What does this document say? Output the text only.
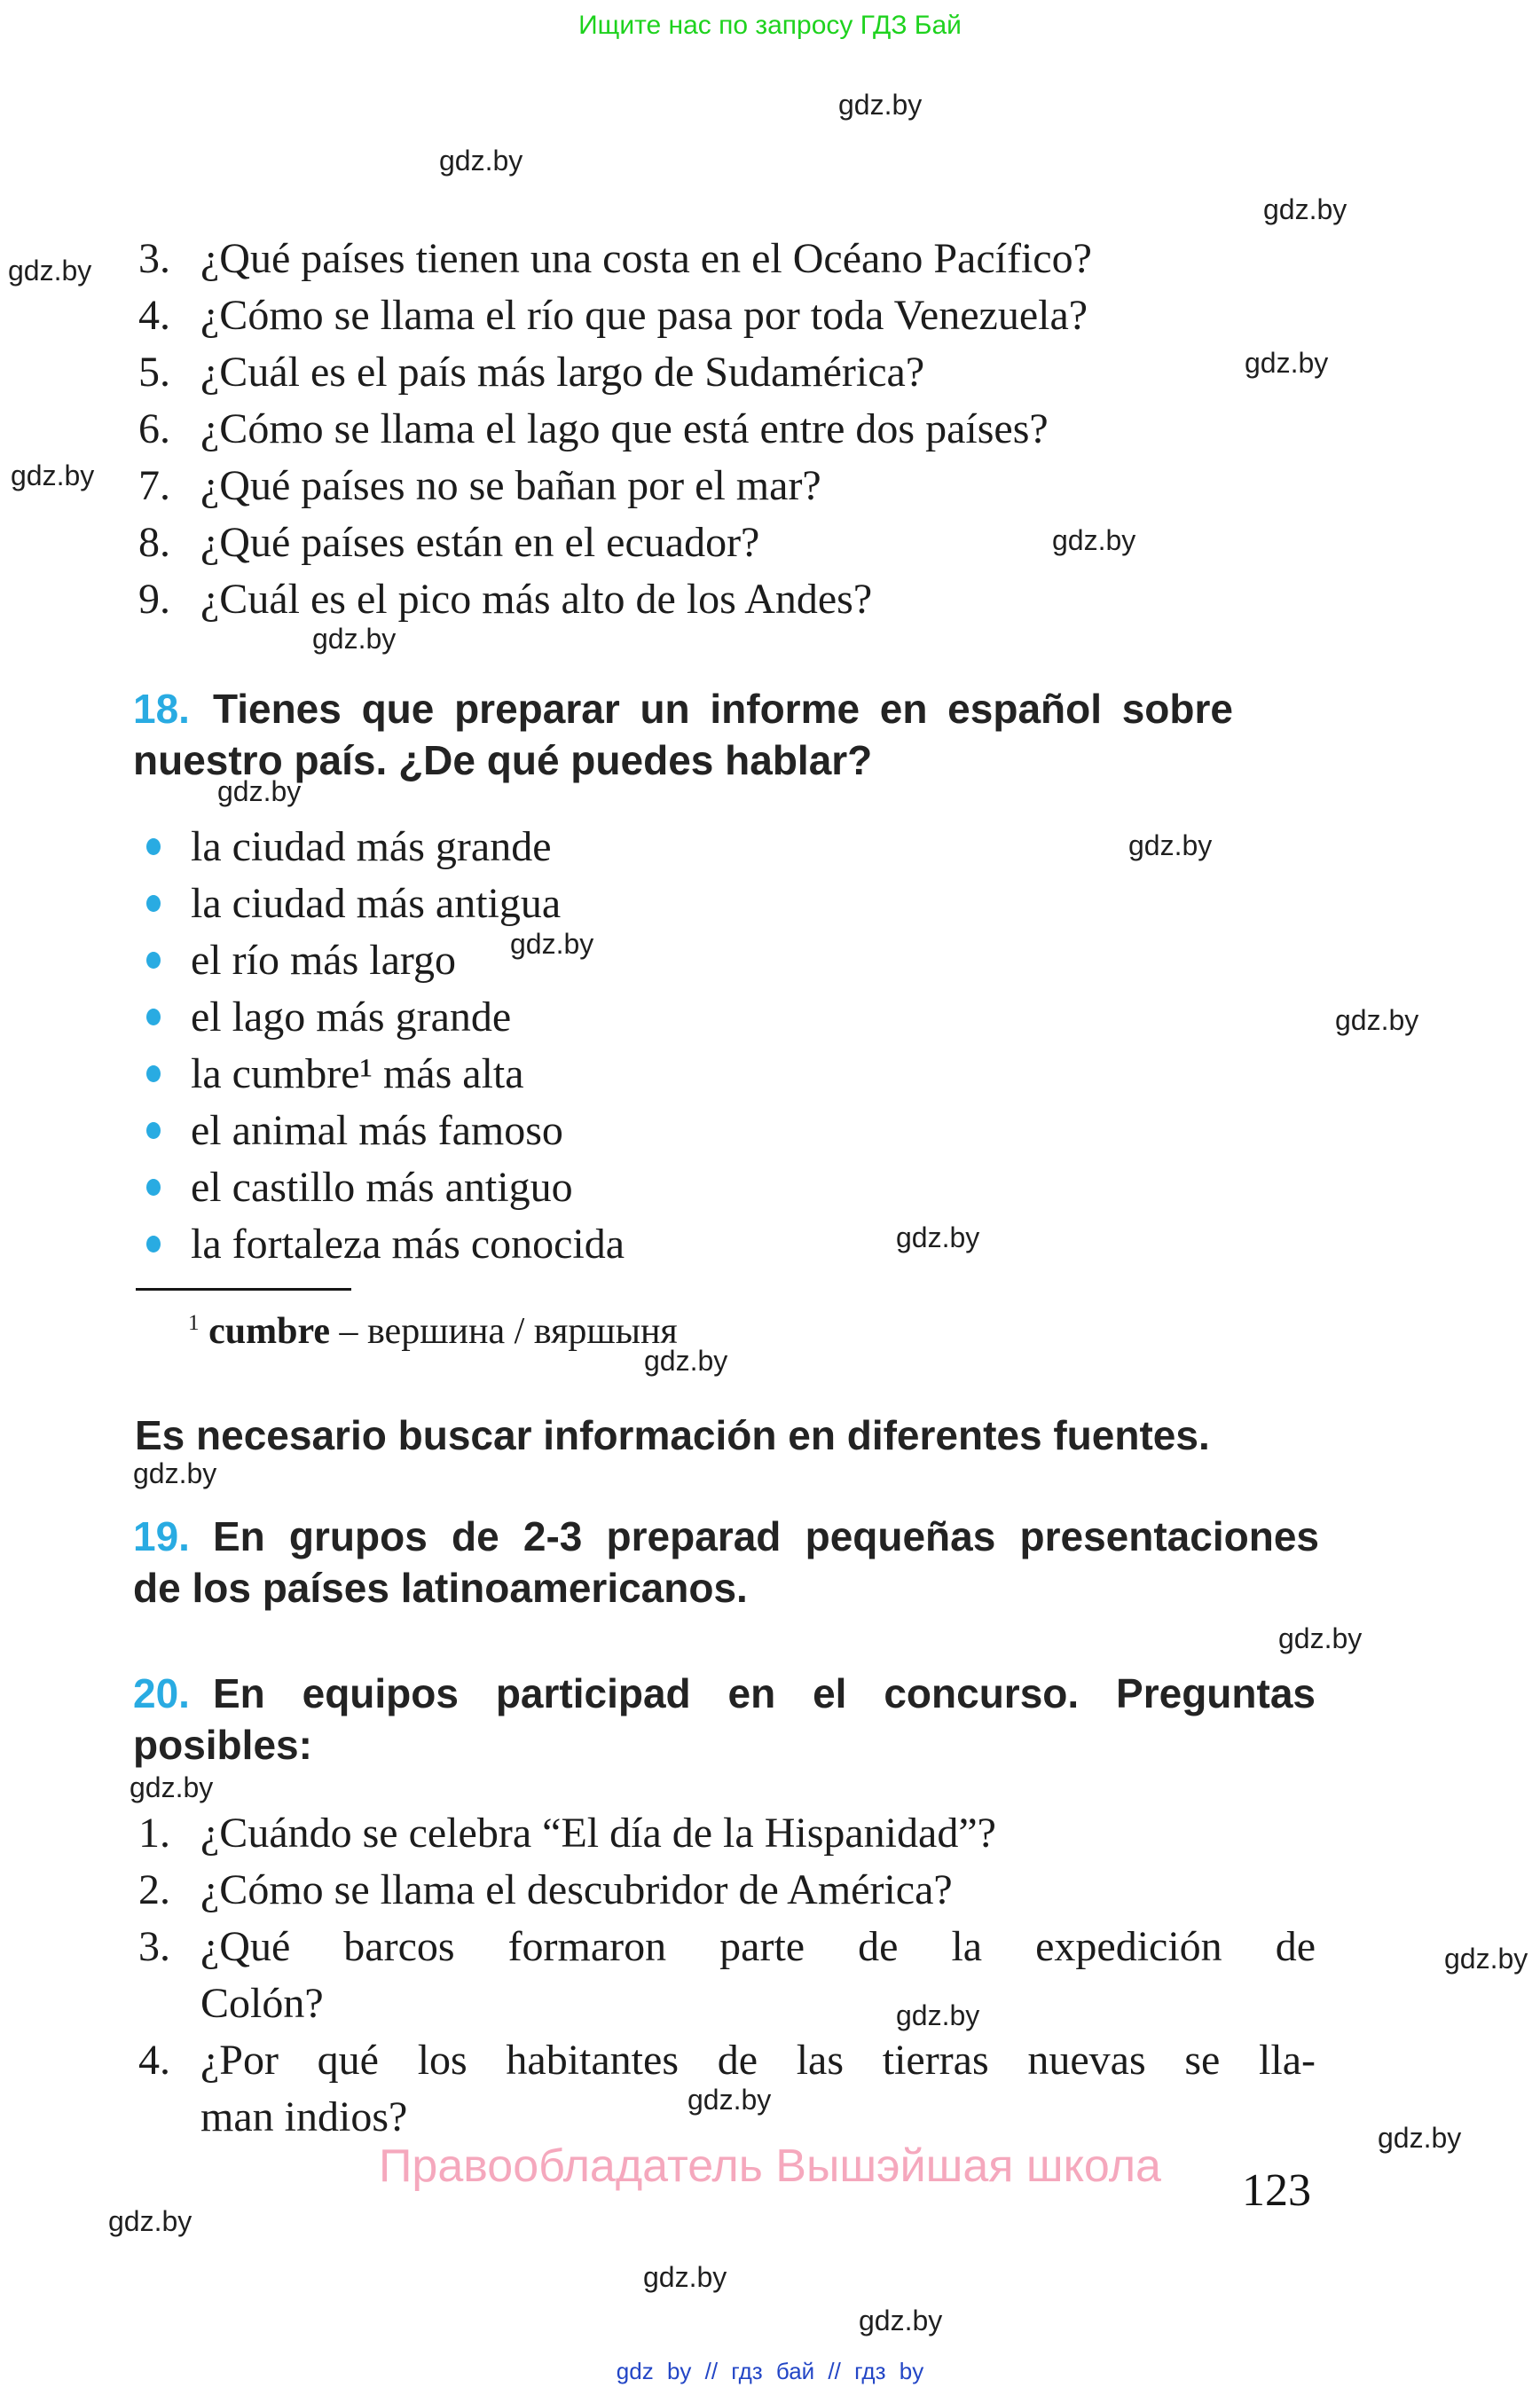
Ищите нас по запросу ГДЗ Бай
gdz.by
gdz.by
gdz.by
gdz.by
gdz.by
gdz.by
gdz.by
gdz.by
gdz.by
gdz.by
gdz.by
gdz.by
gdz.by
gdz.by
gdz.by
gdz.by
gdz.by
gdz.by
gdz.by
gdz.by
gdz.by
gdz.by
gdz.by
gdz.by
3. ¿Qué países tienen una costa en el Océano Pacífico?
4. ¿Cómo se llama el río que pasa por toda Venezuela?
5. ¿Cuál es el país más largo de Sudamérica?
6. ¿Cómo se llama el lago que está entre dos países?
7. ¿Qué países no se bañan por el mar?
8. ¿Qué países están en el ecuador?
9. ¿Cuál es el pico más alto de los Andes?
18. Tienes que preparar un informe en español sobre
nuestro país. ¿De qué puedes hablar?
la ciudad más grande
la ciudad más antigua
el río más largo
el lago más grande
la cumbre¹ más alta
el animal más famoso
el castillo más antiguo
la fortaleza más conocida
$^1$ cumbre – вершина / вяршыня
Es necesario buscar información en diferentes fuentes.
19. En grupos de 2-3 preparad pequeñas presentaciones
de los países latinoamericanos.
20. En equipos participad en el concurso. Preguntas
posibles:
1. ¿Cuándo se celebra “El día de la Hispanidad”?
2. ¿Cómo se llama el descubridor de América?
3. ¿Qué barcos formaron parte de la expedición de
Colón?
4. ¿Por qué los habitantes de las tierras nuevas se lla-
man indios?
Правообладатель Вышэйшая школа	123
gdz by // гдз бай // гдз by
